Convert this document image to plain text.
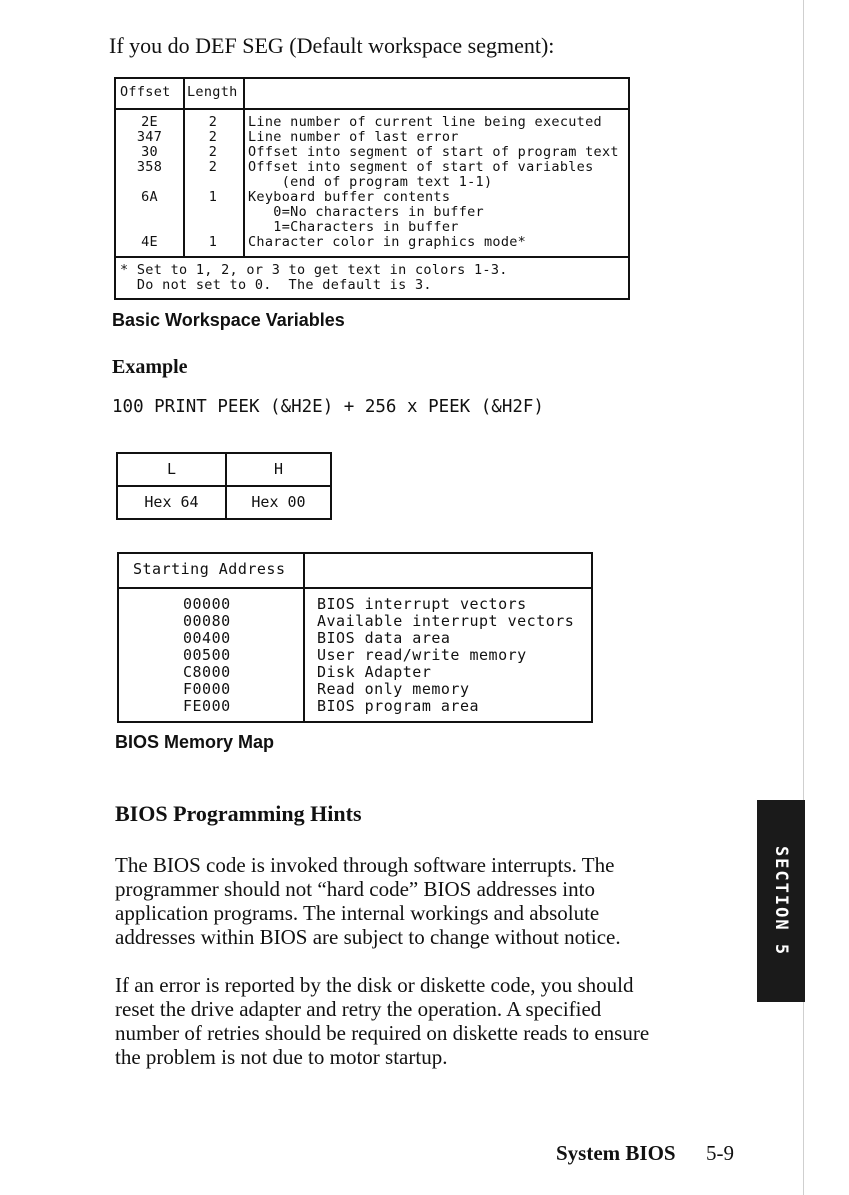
If you do DEF SEG (Default workspace segment):
Offset Length
2E	2	Line number of current line being executed
347	2	Line number of last error
30	2	Offset into segment of start of program text
358	2	Offset into segment of start of variables
(end of program text 1-1)
6A	1	Keyboard buffer contents
0=No characters in buffer
1=Characters in buffer
4E	1	Character color in graphics mode*
* Set to 1, 2, or 3 to get text in colors 1-3.
Do not set to 0.  The default is 3.
Basic Workspace Variables
Example
100 PRINT PEEK (&H2E) + 256 x PEEK (&H2F)
L	H
Hex 64	Hex 00
Starting Address
00000	BIOS interrupt vectors
00080	Available interrupt vectors
00400	BIOS data area
00500	User read/write memory
C8000	Disk Adapter
F0000	Read only memory
FE000	BIOS program area
BIOS Memory Map
BIOS Programming Hints
The BIOS code is invoked through software interrupts. The
programmer should not “hard code” BIOS addresses into
application programs. The internal workings and absolute
addresses within BIOS are subject to change without notice.
If an error is reported by the disk or diskette code, you should
reset the drive adapter and retry the operation. A specified
number of retries should be required on diskette reads to ensure
the problem is not due to motor startup.
SECTION 5
System BIOS 5-9
